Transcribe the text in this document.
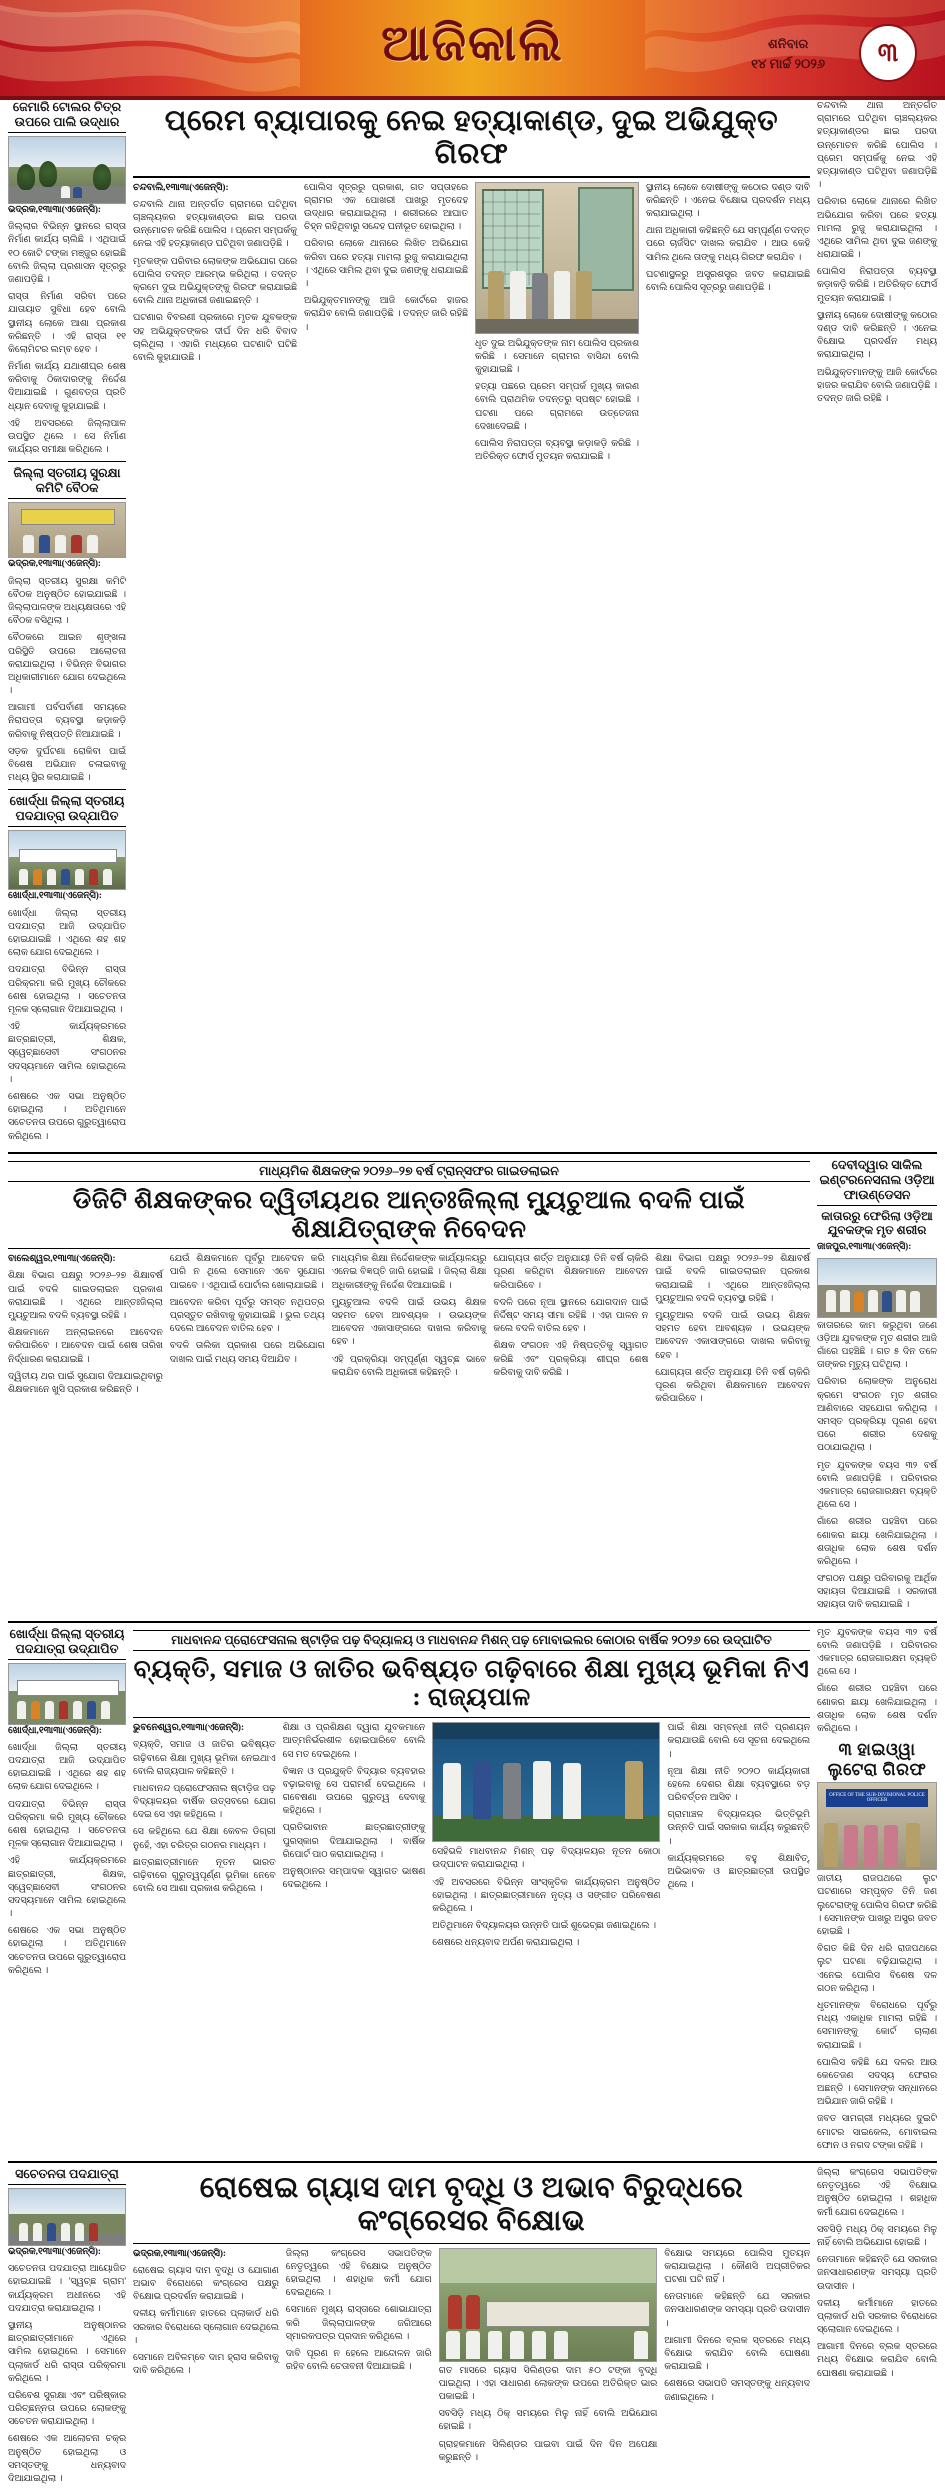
ଆଜିକାଲି	ଶନିବାର
୧୪ ମାର୍ଚ୍ଚ ୨୦୨୬	୩
ଜେମାରି ଟୋଲର ଚିତ୍ର ଉପରେ ପାଲି ଉଦ୍ଧାର

ଭଦ୍ରକ,୧୩ା୩ା(ଏଜେନ୍ସି):

ଜିଲ୍ଲାର ବିଭିନ୍ନ ସ୍ଥାନରେ ରାସ୍ତା ନିର୍ମାଣ କାର୍ଯ୍ୟ ଚାଲିଛି । ଏଥିପାଇଁ ୧୦ କୋଟି ଟଙ୍କା ମଞ୍ଜୁର ହୋଇଛି ବୋଲି ଜିଲ୍ଲା ପ୍ରଶାସନ ସୂତ୍ରରୁ ଜଣାପଡ଼ିଛି ।

ରାସ୍ତା ନିର୍ମାଣ ସରିବା ପରେ ଯାତାୟାତ ସୁବିଧା ହେବ ବୋଲି ସ୍ଥାନୀୟ ଲୋକେ ଆଶା ପ୍ରକାଶ କରିଛନ୍ତି । ଏହି ରାସ୍ତା ୧୧ କିଲୋମିଟର ଲମ୍ବ ହେବ ।

ନିର୍ମାଣ କାର୍ଯ୍ୟ ଯଥାଶୀଘ୍ର ଶେଷ କରିବାକୁ ଠିକାଦାରଙ୍କୁ ନିର୍ଦ୍ଦେଶ ଦିଆଯାଇଛି । ଗୁଣବତ୍ତା ପ୍ରତି ଧ୍ୟାନ ଦେବାକୁ କୁହାଯାଇଛି ।

ଏହି ଅବସରରେ ଜିଲ୍ଲାପାଳ ଉପସ୍ଥିତ ଥିଲେ । ସେ ନିର୍ମାଣ କାର୍ଯ୍ୟର ସମୀକ୍ଷା କରିଥିଲେ ।

ଜିଲ୍ଲା ସ୍ତରୀୟ ସୁରକ୍ଷା କମିଟି ବୈଠକ

ଭଦ୍ରକ,୧୩ା୩ା(ଏଜେନ୍ସି):

ଜିଲ୍ଲା ସ୍ତରୀୟ ସୁରକ୍ଷା କମିଟି ବୈଠକ ଅନୁଷ୍ଠିତ ହୋଇଯାଇଛି । ଜିଲ୍ଲାପାଳଙ୍କ ଅଧ୍ୟକ୍ଷତାରେ ଏହି ବୈଠକ ବସିଥିଲା ।

ବୈଠକରେ ଆଇନ ଶୃଙ୍ଖଳା ପରିସ୍ଥିତି ଉପରେ ଆଲୋଚନା କରାଯାଇଥିଲା । ବିଭିନ୍ନ ବିଭାଗର ଅଧିକାରୀମାନେ ଯୋଗ ଦେଇଥିଲେ ।

ଆଗାମୀ ପର୍ବପର୍ବାଣୀ ସମୟରେ ନିରାପତ୍ତା ବ୍ୟବସ୍ଥା କଡ଼ାକଡ଼ି କରିବାକୁ ନିଷ୍ପତ୍ତି ନିଆଯାଇଛି ।

ସଡ଼କ ଦୁର୍ଘଟଣା ରୋକିବା ପାଇଁ ବିଶେଷ ଅଭିଯାନ ଚଳାଇବାକୁ ମଧ୍ୟ ସ୍ଥିର କରାଯାଇଛି ।

ଖୋର୍ଦ୍ଧା ଜିଲ୍ଲା ସ୍ତରୀୟ ପଦଯାତ୍ରା ଉଦ୍‌ଯାପିତ

ଖୋର୍ଦ୍ଧା,୧୩ା୩ା(ଏଜେନ୍ସି):

ଖୋର୍ଦ୍ଧା ଜିଲ୍ଲା ସ୍ତରୀୟ ପଦଯାତ୍ରା ଆଜି ଉଦ୍‌ଯାପିତ ହୋଇଯାଇଛି । ଏଥିରେ ଶହ ଶହ ଲୋକ ଯୋଗ ଦେଇଥିଲେ ।

ପଦଯାତ୍ରା ବିଭିନ୍ନ ରାସ୍ତା ପରିକ୍ରମା କରି ମୁଖ୍ୟ ଚୌକରେ ଶେଷ ହୋଇଥିଲା । ସଚେତନତା ମୂଳକ ସ୍ଲୋଗାନ ଦିଆଯାଇଥିଲା ।

ଏହି କାର୍ଯ୍ୟକ୍ରମରେ ଛାତ୍ରଛାତ୍ରୀ, ଶିକ୍ଷକ, ସ୍ୱେଚ୍ଛାସେବୀ ସଂଗଠନର ସଦସ୍ୟମାନେ ସାମିଲ ହୋଇଥିଲେ ।

ଶେଷରେ ଏକ ସଭା ଅନୁଷ୍ଠିତ ହୋଇଥିଲା । ଅତିଥିମାନେ ସଚେତନତା ଉପରେ ଗୁରୁତ୍ୱାରୋପ କରିଥିଲେ ।

ପ୍ରେମ ବ୍ୟାପାରକୁ ନେଇ ହତ୍ୟାକାଣ୍ଡ, ଦୁଇ ଅଭିଯୁକ୍ତ ଗିରଫ

ଚନ୍ଦବାଲି,୧୩ା୩ା(ଏଜେନ୍ସି):

ଚନ୍ଦବାଲି ଥାନା ଅନ୍ତର୍ଗତ ଗ୍ରାମରେ ଘଟିଥିବା ଚାଞ୍ଚଲ୍ୟକର ହତ୍ୟାକାଣ୍ଡର ଛାଇ ପରଦା ଉନ୍ମୋଚନ କରିଛି ପୋଲିସ । ପ୍ରେମ ସମ୍ପର୍କକୁ ନେଇ ଏହି ହତ୍ୟାକାଣ୍ଡ ଘଟିଥିବା ଜଣାପଡ଼ିଛି ।

ମୃତକଙ୍କ ପରିବାର ଲୋକଙ୍କ ଅଭିଯୋଗ ପରେ ପୋଲିସ ତଦନ୍ତ ଆରମ୍ଭ କରିଥିଲା । ତଦନ୍ତ କ୍ରମେ ଦୁଇ ଅଭିଯୁକ୍ତଙ୍କୁ ଗିରଫ କରାଯାଇଛି ବୋଲି ଥାନା ଅଧିକାରୀ ଜଣାଇଛନ୍ତି ।

ଘଟଣାର ବିବରଣୀ ପ୍ରକାରେ ମୃତକ ଯୁବକଙ୍କ ସହ ଅଭିଯୁକ୍ତଙ୍କର ଦୀର୍ଘ ଦିନ ଧରି ବିବାଦ ଚାଲିଥିଲା । ଏହାରି ମଧ୍ୟରେ ଘଟଣାଟି ଘଟିଛି ବୋଲି କୁହାଯାଉଛି ।

ପୋଲିସ ସୂତ୍ରରୁ ପ୍ରକାଶ, ଗତ ସପ୍ତାହରେ ଗ୍ରାମର ଏକ ପୋଖରୀ ପାଖରୁ ମୃତଦେହ ଉଦ୍ଧାର କରାଯାଇଥିଲା । ଶରୀରରେ ଆଘାତ ଚିହ୍ନ ରହିଥିବାରୁ ସନ୍ଦେହ ଘନୀଭୂତ ହୋଇଥିଲା ।

ପରିବାର ଲୋକେ ଥାନାରେ ଲିଖିତ ଅଭିଯୋଗ କରିବା ପରେ ହତ୍ୟା ମାମଲା ରୁଜୁ କରାଯାଇଥିଲା । ଏଥିରେ ସାମିଲ ଥିବା ଦୁଇ ଜଣଙ୍କୁ ଧରାଯାଇଛି ।

ଅଭିଯୁକ୍ତମାନଙ୍କୁ ଆଜି କୋର୍ଟରେ ହାଜର କରାଯିବ ବୋଲି ଜଣାପଡ଼ିଛି । ତଦନ୍ତ ଜାରି ରହିଛି ।

ଧୃତ ଦୁଇ ଅଭିଯୁକ୍ତଙ୍କ ନାମ ପୋଲିସ ପ୍ରକାଶ କରିଛି । ସେମାନେ ଗ୍ରାମର ବାସିନ୍ଦା ବୋଲି କୁହାଯାଇଛି ।

ହତ୍ୟା ପଛରେ ପ୍ରେମ ସମ୍ପର୍କ ମୁଖ୍ୟ କାରଣ ବୋଲି ପ୍ରାଥମିକ ତଦନ୍ତରୁ ସ୍ପଷ୍ଟ ହୋଇଛି । ଘଟଣା ପରେ ଗ୍ରାମରେ ଉତ୍ତେଜନା ଦେଖାଦେଇଛି ।

ପୋଲିସ ନିରାପତ୍ତା ବ୍ୟବସ୍ଥା କଡ଼ାକଡ଼ି କରିଛି । ଅତିରିକ୍ତ ଫୋର୍ସ ମୁତୟନ କରାଯାଇଛି ।

ସ୍ଥାନୀୟ ଲୋକେ ଦୋଷୀଙ୍କୁ କଠୋର ଦଣ୍ଡ ଦାବି କରିଛନ୍ତି । ଏନେଇ ବିକ୍ଷୋଭ ପ୍ରଦର୍ଶନ ମଧ୍ୟ କରାଯାଇଥିଲା ।

ଥାନା ଅଧିକାରୀ କହିଛନ୍ତି ଯେ ସମ୍ପୂର୍ଣ୍ଣ ତଦନ୍ତ ପରେ ଚାର୍ଜସିଟ ଦାଖଲ କରାଯିବ । ଆଉ କେହି ସାମିଲ ଥିଲେ ତାଙ୍କୁ ମଧ୍ୟ ଗିରଫ କରାଯିବ ।

ଘଟଣାସ୍ଥଳରୁ ଅସ୍ତ୍ରଶସ୍ତ୍ର ଜବତ କରାଯାଇଛି ବୋଲି ପୋଲିସ ସୂତ୍ରରୁ ଜଣାପଡ଼ିଛି ।

ଚନ୍ଦବାଲି ଥାନା ଅନ୍ତର୍ଗତ ଗ୍ରାମରେ ଘଟିଥିବା ଚାଞ୍ଚଲ୍ୟକର ହତ୍ୟାକାଣ୍ଡର ଛାଇ ପରଦା ଉନ୍ମୋଚନ କରିଛି ପୋଲିସ । ପ୍ରେମ ସମ୍ପର୍କକୁ ନେଇ ଏହି ହତ୍ୟାକାଣ୍ଡ ଘଟିଥିବା ଜଣାପଡ଼ିଛି ।

ପରିବାର ଲୋକେ ଥାନାରେ ଲିଖିତ ଅଭିଯୋଗ କରିବା ପରେ ହତ୍ୟା ମାମଲା ରୁଜୁ କରାଯାଇଥିଲା । ଏଥିରେ ସାମିଲ ଥିବା ଦୁଇ ଜଣଙ୍କୁ ଧରାଯାଇଛି ।

ପୋଲିସ ନିରାପତ୍ତା ବ୍ୟବସ୍ଥା କଡ଼ାକଡ଼ି କରିଛି । ଅତିରିକ୍ତ ଫୋର୍ସ ମୁତୟନ କରାଯାଇଛି ।

ସ୍ଥାନୀୟ ଲୋକେ ଦୋଷୀଙ୍କୁ କଠୋର ଦଣ୍ଡ ଦାବି କରିଛନ୍ତି । ଏନେଇ ବିକ୍ଷୋଭ ପ୍ରଦର୍ଶନ ମଧ୍ୟ କରାଯାଇଥିଲା ।

ଅଭିଯୁକ୍ତମାନଙ୍କୁ ଆଜି କୋର୍ଟରେ ହାଜର କରାଯିବ ବୋଲି ଜଣାପଡ଼ିଛି । ତଦନ୍ତ ଜାରି ରହିଛି ।

ମାଧ୍ୟମିକ ଶିକ୍ଷକଙ୍କ ୨୦୨୬–୨୭ ବର୍ଷ ଟ୍ରାନ୍ସଫର ଗାଇଡଲାଇନ
ଡିଜିଟି ଶିକ୍ଷକଙ୍କର ଦ୍ୱିତୀୟଥର ଆନ୍ତଃଜିଲ୍ଲା ମ୍ୟୁଚୁଆଲ ବଦଳି ପାଇଁ ଶିକ୍ଷାଯିତ୍ରାଙ୍କ ନିବେଦନ

ବାଲେଶ୍ୱର,୧୩ା୩ା(ଏଜେନ୍ସି):

ଶିକ୍ଷା ବିଭାଗ ପକ୍ଷରୁ ୨୦୨୬–୨୭ ଶିକ୍ଷାବର୍ଷ ପାଇଁ ବଦଳି ଗାଇଡଲାଇନ ପ୍ରକାଶ କରାଯାଇଛି । ଏଥିରେ ଆନ୍ତଃଜିଲ୍ଲା ମ୍ୟୁଚୁଆଲ ବଦଳି ବ୍ୟବସ୍ଥା ରହିଛି ।

ଶିକ୍ଷକମାନେ ଅନ୍‌ଲାଇନରେ ଆବେଦନ କରିପାରିବେ । ଆବେଦନ ପାଇଁ ଶେଷ ତାରିଖ ନିର୍ଦ୍ଧାରଣ କରାଯାଇଛି ।

ଦ୍ୱିତୀୟ ଥର ପାଇଁ ସୁଯୋଗ ଦିଆଯାଇଥିବାରୁ ଶିକ୍ଷକମାନେ ଖୁସି ପ୍ରକାଶ କରିଛନ୍ତି ।

ଯେଉଁ ଶିକ୍ଷକମାନେ ପୂର୍ବରୁ ଆବେଦନ କରି ପାରି ନ ଥିଲେ ସେମାନେ ଏବେ ସୁଯୋଗ ପାଇବେ । ଏଥିପାଇଁ ପୋର୍ଟାଲ ଖୋଲାଯାଇଛି ।

ଆବେଦନ କରିବା ପୂର୍ବରୁ ସମସ୍ତ ନଥିପତ୍ର ପ୍ରସ୍ତୁତ ରଖିବାକୁ କୁହାଯାଇଛି । ଭୁଲ ତଥ୍ୟ ଦେଲେ ଆବେଦନ ବାତିଲ ହେବ ।

ବଦଳି ତାଲିକା ପ୍ରକାଶ ପରେ ଅଭିଯୋଗ ଦାଖଲ ପାଇଁ ମଧ୍ୟ ସମୟ ଦିଆଯିବ ।

ମାଧ୍ୟମିକ ଶିକ୍ଷା ନିର୍ଦ୍ଦେଶକଙ୍କ କାର୍ଯ୍ୟାଳୟରୁ ଏନେଇ ବିଜ୍ଞପ୍ତି ଜାରି ହୋଇଛି । ଜିଲ୍ଲା ଶିକ୍ଷା ଅଧିକାରୀଙ୍କୁ ନିର୍ଦ୍ଦେଶ ଦିଆଯାଇଛି ।

ମ୍ୟୁଚୁଆଲ ବଦଳି ପାଇଁ ଉଭୟ ଶିକ୍ଷକ ସହମତ ହେବା ଆବଶ୍ୟକ । ଉଭୟଙ୍କ ଆବେଦନ ଏକାସାଙ୍ଗରେ ଦାଖଲ କରିବାକୁ ହେବ ।

ଏହି ପ୍ରକ୍ରିୟା ସମ୍ପୂର୍ଣ୍ଣ ସ୍ୱଚ୍ଛ ଭାବେ କରାଯିବ ବୋଲି ଅଧିକାରୀ କହିଛନ୍ତି ।

ଯୋଗ୍ୟତା ଶର୍ତ୍ତ ଅନୁଯାୟୀ ତିନି ବର୍ଷ ଚାକିରି ପୂରଣ କରିଥିବା ଶିକ୍ଷକମାନେ ଆବେଦନ କରିପାରିବେ ।

ବଦଳି ପରେ ନୂଆ ସ୍ଥାନରେ ଯୋଗଦାନ ପାଇଁ ନିର୍ଦ୍ଦିଷ୍ଟ ସମୟ ସୀମା ରହିଛି । ଏହା ପାଳନ ନ କଲେ ବଦଳି ବାତିଲ ହେବ ।

ଶିକ୍ଷକ ସଂଗଠନ ଏହି ନିଷ୍ପତ୍ତିକୁ ସ୍ୱାଗତ କରିଛି ଏବଂ ପ୍ରକ୍ରିୟା ଶୀଘ୍ର ଶେଷ କରିବାକୁ ଦାବି କରିଛି ।

ଶିକ୍ଷା ବିଭାଗ ପକ୍ଷରୁ ୨୦୨୬–୨୭ ଶିକ୍ଷାବର୍ଷ ପାଇଁ ବଦଳି ଗାଇଡଲାଇନ ପ୍ରକାଶ କରାଯାଇଛି । ଏଥିରେ ଆନ୍ତଃଜିଲ୍ଲା ମ୍ୟୁଚୁଆଲ ବଦଳି ବ୍ୟବସ୍ଥା ରହିଛି ।

ମ୍ୟୁଚୁଆଲ ବଦଳି ପାଇଁ ଉଭୟ ଶିକ୍ଷକ ସହମତ ହେବା ଆବଶ୍ୟକ । ଉଭୟଙ୍କ ଆବେଦନ ଏକାସାଙ୍ଗରେ ଦାଖଲ କରିବାକୁ ହେବ ।

ଯୋଗ୍ୟତା ଶର୍ତ୍ତ ଅନୁଯାୟୀ ତିନି ବର୍ଷ ଚାକିରି ପୂରଣ କରିଥିବା ଶିକ୍ଷକମାନେ ଆବେଦନ କରିପାରିବେ ।

ଦେବୀଦ୍ୱାର ସାକିଲ ଇଣ୍ଟରନେସନାଲ ଓଡ଼ିଆ ଫାଉଣ୍ଡେସନ
କାତାରରୁ ଫେରିଲା ଓଡ଼ିଆ ଯୁବକଙ୍କ ମୃତ ଶରୀର

ଜାଜପୁର,୧୩ା୩ା(ଏଜେନ୍ସି):

କାତାରରେ କାମ କରୁଥିବା ଜଣେ ଓଡ଼ିଆ ଯୁବକଙ୍କ ମୃତ ଶରୀର ଆଜି ଗାଁରେ ପହଞ୍ଚିଛି । ଗତ ୫ ଦିନ ତଳେ ତାଙ୍କର ମୃତ୍ୟୁ ଘଟିଥିଲା ।

ପରିବାର ଲୋକଙ୍କ ଅନୁରୋଧ କ୍ରମେ ସଂଗଠନ ମୃତ ଶରୀର ଆଣିବାରେ ସହଯୋଗ କରିଥିଲା । ସମସ୍ତ ପ୍ରକ୍ରିୟା ପୂରଣ ହେବା ପରେ ଶରୀର ଦେଶକୁ ପଠାଯାଇଥିଲା ।

ମୃତ ଯୁବକଙ୍କ ବୟସ ୩୨ ବର୍ଷ ବୋଲି ଜଣାପଡ଼ିଛି । ପରିବାରର ଏକମାତ୍ର ରୋଜଗାରକ୍ଷମ ବ୍ୟକ୍ତି ଥିଲେ ସେ ।

ଗାଁରେ ଶରୀର ପହଞ୍ଚିବା ପରେ ଶୋକର ଛାୟା ଖେଳିଯାଇଥିଲା । ଶତାଧିକ ଲୋକ ଶେଷ ଦର୍ଶନ କରିଥିଲେ ।

ସଂଗଠନ ପକ୍ଷରୁ ପରିବାରକୁ ଆର୍ଥିକ ସହାୟତା ଦିଆଯାଇଛି । ସରକାରୀ ସହାୟତା ଦାବି କରାଯାଇଛି ।

ଖୋର୍ଦ୍ଧା ଜିଲ୍ଲା ସ୍ତରୀୟ ପଦଯାତ୍ରା ଉଦ୍‌ଯାପିତ

ଖୋର୍ଦ୍ଧା,୧୩ା୩ା(ଏଜେନ୍ସି):

ଖୋର୍ଦ୍ଧା ଜିଲ୍ଲା ସ୍ତରୀୟ ପଦଯାତ୍ରା ଆଜି ଉଦ୍‌ଯାପିତ ହୋଇଯାଇଛି । ଏଥିରେ ଶହ ଶହ ଲୋକ ଯୋଗ ଦେଇଥିଲେ ।

ପଦଯାତ୍ରା ବିଭିନ୍ନ ରାସ୍ତା ପରିକ୍ରମା କରି ମୁଖ୍ୟ ଚୌକରେ ଶେଷ ହୋଇଥିଲା । ସଚେତନତା ମୂଳକ ସ୍ଲୋଗାନ ଦିଆଯାଇଥିଲା ।

ଏହି କାର୍ଯ୍ୟକ୍ରମରେ ଛାତ୍ରଛାତ୍ରୀ, ଶିକ୍ଷକ, ସ୍ୱେଚ୍ଛାସେବୀ ସଂଗଠନର ସଦସ୍ୟମାନେ ସାମିଲ ହୋଇଥିଲେ ।

ଶେଷରେ ଏକ ସଭା ଅନୁଷ୍ଠିତ ହୋଇଥିଲା । ଅତିଥିମାନେ ସଚେତନତା ଉପରେ ଗୁରୁତ୍ୱାରୋପ କରିଥିଲେ ।

ମାଧବାନନ୍ଦ ପ୍ରୋଫେସନାଲ ଷ୍ଟାଡ଼ିଜ ପଢ଼ ବିଦ୍ୟାଳୟ ଓ ମାଧବାନନ୍ଦ ମିଶନ୍ ପଢ଼ ମୋବାଇଲର କୋଠାର ବାର୍ଷିକ ୨୦୨୬ ରେ ଉଦ୍‌ଘାଟିତ
ବ୍ୟକ୍ତି, ସମାଜ ଓ ଜାତିର ଭବିଷ୍ୟତ ଗଢ଼ିବାରେ ଶିକ୍ଷା ମୁଖ୍ୟ ଭୂମିକା ନିଏ : ରାଜ୍ୟପାଳ

ଭୁବନେଶ୍ୱର,୧୩ା୩ା(ଏଜେନ୍ସି):

ବ୍ୟକ୍ତି, ସମାଜ ଓ ଜାତିର ଭବିଷ୍ୟତ ଗଢ଼ିବାରେ ଶିକ୍ଷା ମୁଖ୍ୟ ଭୂମିକା ନେଇଥାଏ ବୋଲି ରାଜ୍ୟପାଳ କହିଛନ୍ତି ।

ମାଧବାନନ୍ଦ ପ୍ରୋଫେସନାଲ ଷ୍ଟାଡ଼ିଜ ପଢ଼ ବିଦ୍ୟାଳୟର ବାର୍ଷିକ ଉତ୍ସବରେ ଯୋଗ ଦେଇ ସେ ଏହା କହିଥିଲେ ।

ସେ କହିଥିଲେ ଯେ ଶିକ୍ଷା କେବଳ ଡିଗ୍ରୀ ନୁହେଁ, ଏହା ଚରିତ୍ର ଗଠନର ମାଧ୍ୟମ ।

ଛାତ୍ରଛାତ୍ରୀମାନେ ନୂତନ ଭାରତ ଗଢ଼ିବାରେ ଗୁରୁତ୍ୱପୂର୍ଣ୍ଣ ଭୂମିକା ନେବେ ବୋଲି ସେ ଆଶା ପ୍ରକାଶ କରିଥିଲେ ।

ଶିକ୍ଷା ଓ ପ୍ରଶିକ୍ଷଣ ଦ୍ୱାରା ଯୁବକମାନେ ଆତ୍ମନିର୍ଭରଶୀଳ ହୋଇପାରିବେ ବୋଲି ସେ ମତ ଦେଇଥିଲେ ।

ବିଜ୍ଞାନ ଓ ପ୍ରଯୁକ୍ତି ବିଦ୍ୟାର ବ୍ୟବହାର ବଢ଼ାଇବାକୁ ସେ ପରାମର୍ଶ ଦେଇଥିଲେ । ଗବେଷଣା ଉପରେ ଗୁରୁତ୍ୱ ଦେବାକୁ କହିଥିଲେ ।

ପ୍ରତିଭାବାନ ଛାତ୍ରଛାତ୍ରୀଙ୍କୁ ପୁରସ୍କାର ଦିଆଯାଇଥିଲା । ବାର୍ଷିକ ରିପୋର୍ଟ ପାଠ କରାଯାଇଥିଲା ।

ଅନୁଷ୍ଠାନର ସମ୍ପାଦକ ସ୍ୱାଗତ ଭାଷଣ ଦେଇଥିଲେ ।

ସେହିଭଳି ମାଧବାନନ୍ଦ ମିଶନ୍ ପଢ଼ ବିଦ୍ୟାଳୟର ନୂତନ କୋଠା ଉଦ୍‌ଘାଟନ କରାଯାଇଥିଲା ।

ଏହି ଅବସରରେ ବିଭିନ୍ନ ସାଂସ୍କୃତିକ କାର୍ଯ୍ୟକ୍ରମ ଅନୁଷ୍ଠିତ ହୋଇଥିଲା । ଛାତ୍ରଛାତ୍ରୀମାନେ ନୃତ୍ୟ ଓ ସଙ୍ଗୀତ ପରିବେଷଣ କରିଥିଲେ ।

ଅତିଥିମାନେ ବିଦ୍ୟାଳୟର ଉନ୍ନତି ପାଇଁ ଶୁଭେଚ୍ଛା ଜଣାଇଥିଲେ ।

ଶେଷରେ ଧନ୍ୟବାଦ ଅର୍ପଣ କରାଯାଇଥିଲା ।

ପାଇଁ ଶିକ୍ଷା ସମ୍ବନ୍ଧୀ ନୀତି ପ୍ରଣୟନ କରାଯାଉଛି ବୋଲି ସେ ସୂଚନା ଦେଇଥିଲେ ।

ନୂଆ ଶିକ୍ଷା ନୀତି ୨୦୨୦ କାର୍ଯ୍ୟକାରୀ ହେଲେ ଦେଶର ଶିକ୍ଷା ବ୍ୟବସ୍ଥାରେ ବଡ଼ ପରିବର୍ତ୍ତନ ଆସିବ ।

ଗ୍ରାମାଞ୍ଚଳ ବିଦ୍ୟାଳୟର ଭିତ୍ତିଭୂମି ଉନ୍ନତି ପାଇଁ ସରକାର କାର୍ଯ୍ୟ କରୁଛନ୍ତି ।

କାର୍ଯ୍ୟକ୍ରମରେ ବହୁ ଶିକ୍ଷାବିତ୍, ଅଭିଭାବକ ଓ ଛାତ୍ରଛାତ୍ରୀ ଉପସ୍ଥିତ ଥିଲେ ।

ମୃତ ଯୁବକଙ୍କ ବୟସ ୩୨ ବର୍ଷ ବୋଲି ଜଣାପଡ଼ିଛି । ପରିବାରର ଏକମାତ୍ର ରୋଜଗାରକ୍ଷମ ବ୍ୟକ୍ତି ଥିଲେ ସେ ।

ଗାଁରେ ଶରୀର ପହଞ୍ଚିବା ପରେ ଶୋକର ଛାୟା ଖେଳିଯାଇଥିଲା । ଶତାଧିକ ଲୋକ ଶେଷ ଦର୍ଶନ କରିଥିଲେ ।

୩ ହାଇଓ୍ୱା ଲୁଟେରା ଗିରଫ
OFFICE OF THE SUB-DIVISIONAL POLICE OFFICER

ଜାତୀୟ ରାଜପଥରେ ଲୁଟ ଘଟଣାରେ ସମ୍ପୃକ୍ତ ତିନି ଜଣ ଲୁଟେରାଙ୍କୁ ପୋଲିସ ଗିରଫ କରିଛି । ସେମାନଙ୍କ ପାଖରୁ ଅସ୍ତ୍ର ଜବତ ହୋଇଛି ।

ବିଗତ କିଛି ଦିନ ଧରି ରାଜପଥରେ ଲୁଟ ଘଟଣା ବଢ଼ିଯାଇଥିଲା । ଏନେଇ ପୋଲିସ ବିଶେଷ ଦଳ ଗଠନ କରିଥିଲା ।

ଧୃତମାନଙ୍କ ବିରୋଧରେ ପୂର୍ବରୁ ମଧ୍ୟ ଏକାଧିକ ମାମଲା ରହିଛି । ସେମାନଙ୍କୁ କୋର୍ଟ ଚାଲାଣ କରାଯାଇଛି ।

ପୋଲିସ କହିଛି ଯେ ଦଳର ଆଉ କେତେଜଣ ସଦସ୍ୟ ଫେରାର ଅଛନ୍ତି । ସେମାନଙ୍କ ସନ୍ଧାନରେ ଅଭିଯାନ ଜାରି ରହିଛି ।

ଜବତ ସାମଗ୍ରୀ ମଧ୍ୟରେ ଦୁଇଟି ମୋଟର ସାଇକେଲ, ମୋବାଇଲ ଫୋନ ଓ ନଗଦ ଟଙ୍କା ରହିଛି ।

ସଚେତନତା ପଦଯାତ୍ରା

ଭଦ୍ରକ,୧୩ା୩ା(ଏଜେନ୍ସି):

ସଚେତନତା ପଦଯାତ୍ରା ଆୟୋଜିତ ହୋଇଯାଇଛି । 'ସ୍ୱଚ୍ଛ ଗ୍ରାମ' କାର୍ଯ୍ୟକ୍ରମ ଅଧୀନରେ ଏହି ପଦଯାତ୍ରା କରାଯାଇଥିଲା ।

ସ୍ଥାନୀୟ ଅନୁଷ୍ଠାନର ଛାତ୍ରଛାତ୍ରୀମାନେ ଏଥିରେ ସାମିଲ ହୋଇଥିଲେ । ସେମାନେ ପ୍ଲାକାର୍ଡ ଧରି ରାସ୍ତା ପରିକ୍ରମା କରିଥିଲେ ।

ପରିବେଶ ସୁରକ୍ଷା ଏବଂ ପରିଷ୍କାର ପରିଚ୍ଛନ୍ନତା ଉପରେ ଲୋକଙ୍କୁ ସଚେତନ କରାଯାଇଥିଲା ।

ଶେଷରେ ଏକ ଆଲୋଚନା ଚକ୍ର ଅନୁଷ୍ଠିତ ହୋଇଥିଲା ଓ ସମସ୍ତଙ୍କୁ ଧନ୍ୟବାଦ ଦିଆଯାଇଥିଲା ।

ରୋଷେଇ ଗ୍ୟାସ ଦାମ ବୃଦ୍ଧି ଓ ଅଭାବ ବିରୁଦ୍ଧରେ କଂଗ୍ରେସର ବିକ୍ଷୋଭ

ଭଦ୍ରକ,୧୩ା୩ା(ଏଜେନ୍ସି):

ରୋଷେଇ ଗ୍ୟାସ ଦାମ ବୃଦ୍ଧି ଓ ଯୋଗାଣ ଅଭାବ ବିରୋଧରେ କଂଗ୍ରେସ ପକ୍ଷରୁ ବିକ୍ଷୋଭ ପ୍ରଦର୍ଶନ କରାଯାଇଛି ।

ଦଳୀୟ କର୍ମୀମାନେ ହାତରେ ପ୍ଲାକାର୍ଡ ଧରି ସରକାର ବିରୋଧରେ ସ୍ଲୋଗାନ ଦେଇଥିଲେ ।

ସେମାନେ ଅବିଳମ୍ବେ ଦାମ ହ୍ରାସ କରିବାକୁ ଦାବି କରିଥିଲେ ।

ଜିଲ୍ଲା କଂଗ୍ରେସ ସଭାପତିଙ୍କ ନେତୃତ୍ୱରେ ଏହି ବିକ୍ଷୋଭ ଅନୁଷ୍ଠିତ ହୋଇଥିଲା । ଶହାଧିକ କର୍ମୀ ଯୋଗ ଦେଇଥିଲେ ।

ସେମାନେ ମୁଖ୍ୟ ରାସ୍ତାରେ ଶୋଭାଯାତ୍ରା କରି ଜିଲ୍ଲାପାଳଙ୍କ ଜରିଆରେ ସ୍ମାରକପତ୍ର ପ୍ରଦାନ କରିଥିଲେ ।

ଦାବି ପୂରଣ ନ ହେଲେ ଆନ୍ଦୋଳନ ଜାରି ରହିବ ବୋଲି ଚେତାବନୀ ଦିଆଯାଇଛି ।	ଗତ ମାସରେ ଗ୍ୟାସ ସିଲିଣ୍ଡର ଦାମ ୫୦ ଟଙ୍କା ବୃଦ୍ଧି ପାଇଥିଲା । ଏହା ସାଧାରଣ ଲୋକଙ୍କ ଉପରେ ଅତିରିକ୍ତ ଭାର ପକାଇଛି ।

ସବସିଡ଼ି ମଧ୍ୟ ଠିକ୍ ସମୟରେ ମିଳୁ ନାହିଁ ବୋଲି ଅଭିଯୋଗ ହୋଇଛି ।

ଗ୍ରାହକମାନେ ସିଲିଣ୍ଡର ପାଇବା ପାଇଁ ଦିନ ଦିନ ଅପେକ୍ଷା କରୁଛନ୍ତି ।

ବିକ୍ଷୋଭ ସମୟରେ ପୋଲିସ ମୁତୟନ କରାଯାଇଥିଲା । କୌଣସି ଅପ୍ରୀତିକର ଘଟଣା ଘଟି ନାହିଁ ।

ନେତାମାନେ କହିଛନ୍ତି ଯେ ସରକାର ଜନସାଧାରଣଙ୍କ ସମସ୍ୟା ପ୍ରତି ଉଦାସୀନ ।

ଆଗାମୀ ଦିନରେ ବ୍ଲକ ସ୍ତରରେ ମଧ୍ୟ ବିକ୍ଷୋଭ କରାଯିବ ବୋଲି ଘୋଷଣା କରାଯାଇଛି ।

ଶେଷରେ ସଭାପତି ସମସ୍ତଙ୍କୁ ଧନ୍ୟବାଦ ଜଣାଇଥିଲେ ।

ଜିଲ୍ଲା କଂଗ୍ରେସ ସଭାପତିଙ୍କ ନେତୃତ୍ୱରେ ଏହି ବିକ୍ଷୋଭ ଅନୁଷ୍ଠିତ ହୋଇଥିଲା । ଶହାଧିକ କର୍ମୀ ଯୋଗ ଦେଇଥିଲେ ।

ସବସିଡ଼ି ମଧ୍ୟ ଠିକ୍ ସମୟରେ ମିଳୁ ନାହିଁ ବୋଲି ଅଭିଯୋଗ ହୋଇଛି ।

ନେତାମାନେ କହିଛନ୍ତି ଯେ ସରକାର ଜନସାଧାରଣଙ୍କ ସମସ୍ୟା ପ୍ରତି ଉଦାସୀନ ।

ଦଳୀୟ କର୍ମୀମାନେ ହାତରେ ପ୍ଲାକାର୍ଡ ଧରି ସରକାର ବିରୋଧରେ ସ୍ଲୋଗାନ ଦେଇଥିଲେ ।

ଆଗାମୀ ଦିନରେ ବ୍ଲକ ସ୍ତରରେ ମଧ୍ୟ ବିକ୍ଷୋଭ କରାଯିବ ବୋଲି ଘୋଷଣା କରାଯାଇଛି ।
